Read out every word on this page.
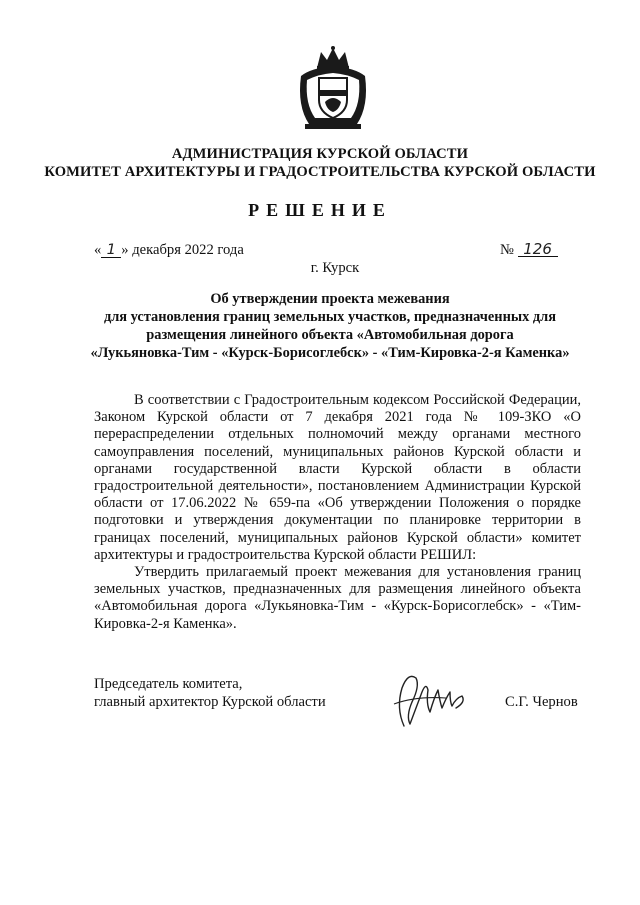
АДМИНИСТРАЦИЯ КУРСКОЙ ОБЛАСТИ
КОМИТЕТ АРХИТЕКТУРЫ И ГРАДОСТРОИТЕЛЬСТВА КУРСКОЙ ОБЛАСТИ
РЕШЕНИЕ
« 1 » декабря 2022 года	№ 126
г. Курск
Об утверждении проекта межевания
для установления границ земельных участков, предназначенных для
размещения линейного объекта «Автомобильная дорога
«Лукьяновка-Тим - «Курск-Борисоглебск» - «Тим-Кировка-2-я Каменка»

В соответствии с Градостроительным кодексом Российской Федерации, Законом Курской области от 7 декабря 2021 года № 109-ЗКО «О перераспределении отдельных полномочий между органами местного самоуправления поселений, муниципальных районов Курской области и органами государственной власти Курской области в области градостроительной деятельности», постановлением Администрации Курской области от 17.06.2022 № 659-па «Об утверждении Положения о порядке подготовки и утверждения документации по планировке территории в границах поселений, муниципальных районов Курской области» комитет архитектуры и градостроительства Курской области РЕШИЛ:

Утвердить прилагаемый проект межевания для установления границ земельных участков, предназначенных для размещения линейного объекта «Автомобильная дорога «Лукьяновка-Тим - «Курск-Борисоглебск» - «Тим-Кировка-2-я Каменка».

Председатель комитета,
главный архитектор Курской области	С.Г. Чернов
